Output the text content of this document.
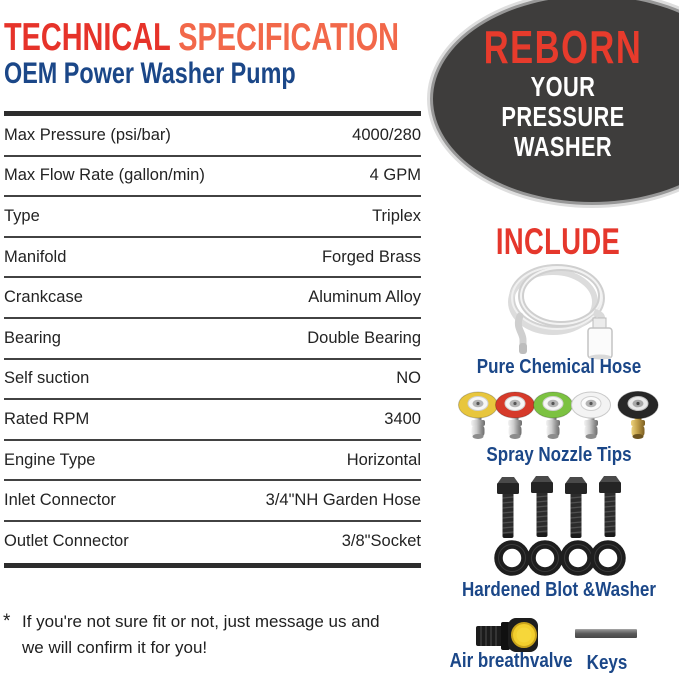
TECHNICAL SPECIFICATION
OEM Power Washer Pump
Max Pressure (psi/bar)	4000/280
Max Flow Rate (gallon/min)	4 GPM
Type	Triplex
Manifold	Forged Brass
Crankcase	Aluminum Alloy
Bearing	Double Bearing
Self suction	NO
Rated RPM	3400
Engine Type	Horizontal
Inlet Connector	3/4"NH Garden Hose
Outlet Connector	3/8"Socket
* If you're not sure fit or not, just message us and
we will confirm it for you!
REBORN
YOUR
PRESSURE
WASHER
INCLUDE
Pure Chemical Hose
Spray Nozzle Tips
Hardened Blot &Washer
Air breathvalve Keys
